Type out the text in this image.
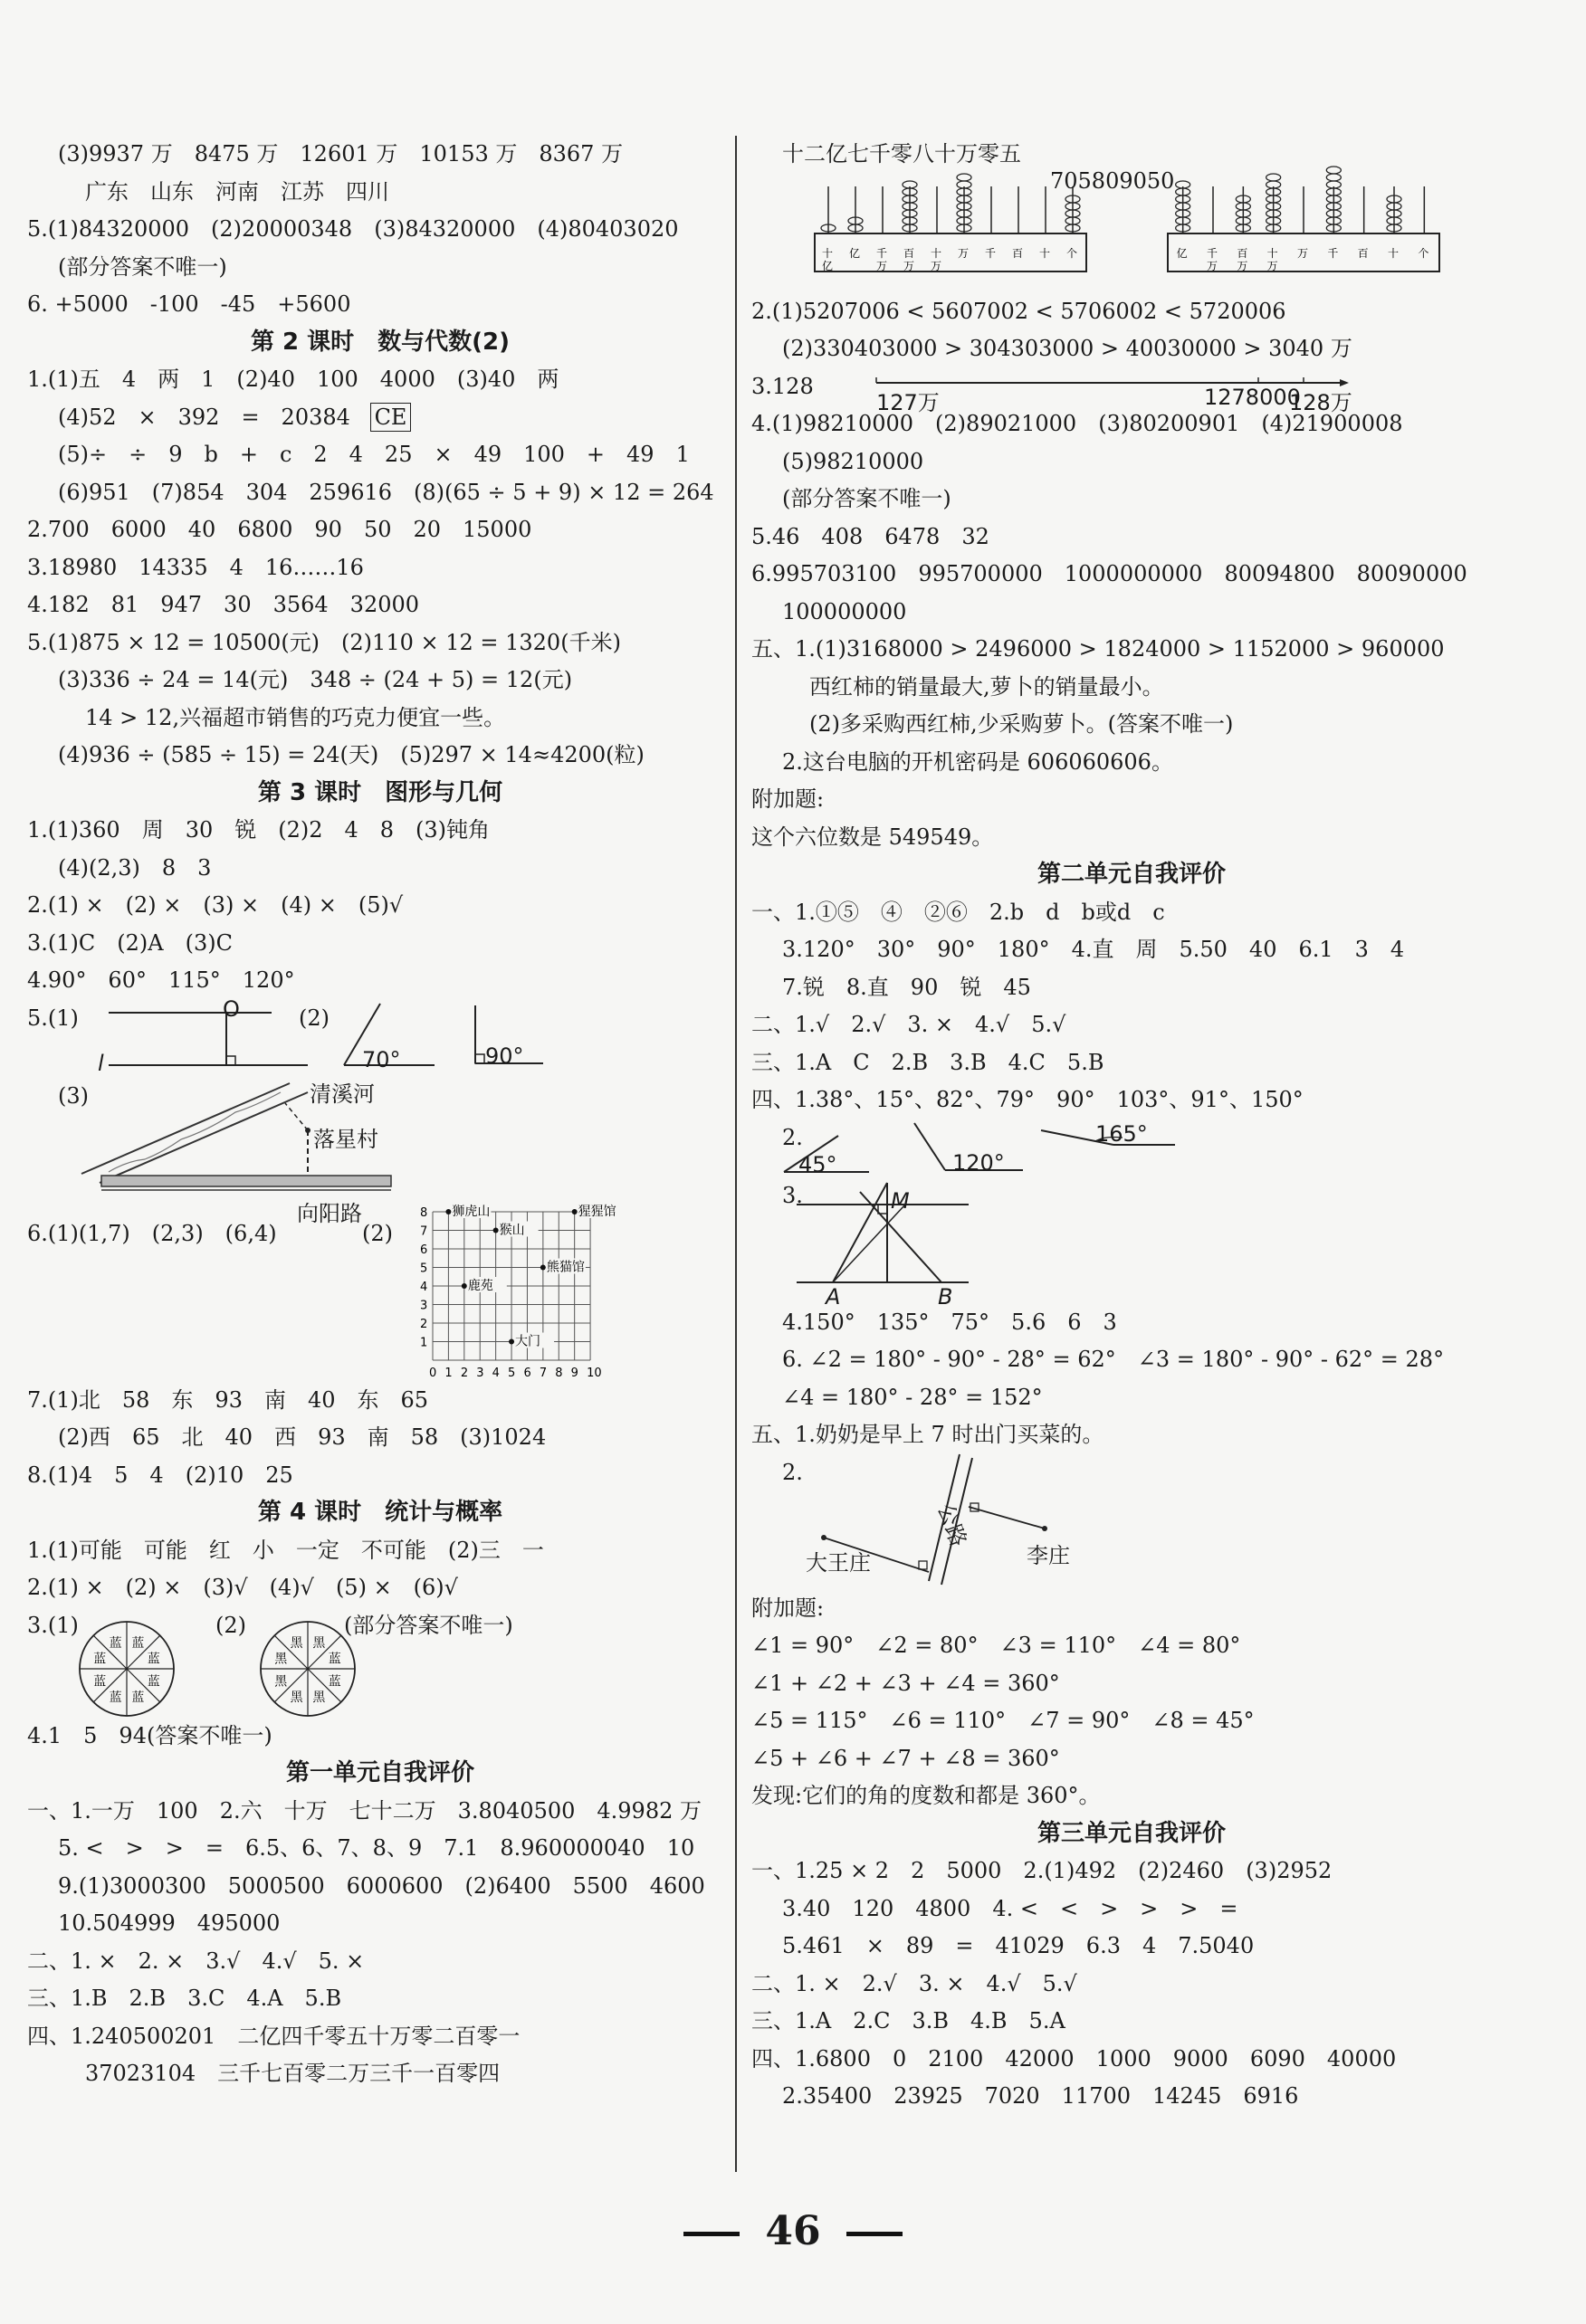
(3)9937 万　8475 万　12601 万　10153 万　8367 万
广东　山东　河南　江苏　四川
5.(1)84320000　(2)20000348　(3)84320000　(4)80403020
(部分答案不唯一)
6. +5000　-100　-45　+5600
第 2 课时　数与代数(2)
1.(1)五　4　两　1　(2)40　100　4000　(3)40　两
(4)52　×　392　=　20384 CE
(5)÷　÷　9　b　+　c　2　4　25　×　49　100　+　49　1
(6)951　(7)854　304　259616　(8)(65 ÷ 5 + 9) × 12 = 264
2.700　6000　40　6800　90　50　20　15000
3.18980　14335　4　16……16
4.182　81　947　30　3564　32000
5.(1)875 × 12 = 10500(元)　(2)110 × 12 = 1320(千米)
(3)336 ÷ 24 = 14(元)　348 ÷ (24 + 5) = 12(元)
14 > 12,兴福超市销售的巧克力便宜一些。
(4)936 ÷ (585 ÷ 15) = 24(天)　(5)297 × 14≈4200(粒)
第 3 课时　图形与几何
1.(1)360　周　30　锐　(2)2　4　8　(3)钝角
(4)(2,3)　8　3
2.(1) ×　(2) ×　(3) ×　(4) ×　(5)√
3.(1)C　(2)A　(3)C
4.90°　60°　115°　120°
5.(1)	(2)
O
l	70°	90°
(3)	清溪河
落星村
向阳路
6.(1)(1,7)　(2,3)　(6,4)	(2)
8
7
6
5
4
3
2
1
0 1 2 3 4 5 6 7 8 9 10
狮虎山
猴山
猩猩馆
熊猫馆
鹿苑
大门
7.(1)北　58　东　93　南　40　东　65
(2)西　65　北　40　西　93　南　58　(3)1024
8.(1)4　5　4　(2)10　25
第 4 课时　统计与概率
1.(1)可能　可能　红　小　一定　不可能　(2)三　一
2.(1) ×　(2) ×　(3)√　(4)√　(5) ×　(6)√
3.(1)	(2)	(部分答案不唯一)
蓝
蓝
蓝
蓝
蓝
蓝 蓝
蓝
蓝
黑
黑
黑
黑
黑 黑
蓝
4.1　5　94(答案不唯一)
第一单元自我评价
一、1.一万　100　2.六　十万　七十二万　3.8040500　4.9982 万
5. <　>　>　=　6.5、6、7、8、9　7.1　8.960000040　10
9.(1)3000300　5000500　6000600　(2)6400　5500　4600
10.504999　495000
二、1. ×　2. ×　3.√　4.√　5. ×
三、1.B　2.B　3.C　4.A　5.B
四、1.240500201　二亿四千零五十万零二百零一
37023104　三千七百零二万三千一百零四
十二亿七千零八十万零五
705809050
十
亿
亿 千
万
百
万
十
万
万 千 百 十 个	亿 千
万
百
万
十
万
万 千 百 十 个
2.(1)5207006 < 5607002 < 5706002 < 5720006
(2)330403000 > 304303000 > 40030000 > 3040 万
3.128
127万	1278000
128万
4.(1)98210000　(2)89021000　(3)80200901　(4)21900008
(5)98210000
(部分答案不唯一)
5.46　408　6478　32
6.995703100　995700000　1000000000　80094800　80090000
100000000
五、1.(1)3168000 > 2496000 > 1824000 > 1152000 > 960000
西红柿的销量最大,萝卜的销量最小。
(2)多采购西红柿,少采购萝卜。(答案不唯一)
2.这台电脑的开机密码是 606060606。
附加题:
这个六位数是 549549。
第二单元自我评价
一、1.①⑤　④　②⑥　2.b　d　b或d　c
3.120°　30°　90°　180°　4.直　周　5.50　40　6.1　3　4
7.锐　8.直　90　锐　45
二、1.√　2.√　3. ×　4.√　5.√
三、1.A　C　2.B　3.B　4.C　5.B
四、1.38°、15°、82°、79°　90°　103°、91°、150°
2.
45°	120°
165°
3.	M
A	B
4.150°　135°　75°　5.6　6　3
6. ∠2 = 180° - 90° - 28° = 62°　∠3 = 180° - 90° - 62° = 28°
∠4 = 180° - 28° = 152°
五、1.奶奶是早上 7 时出门买菜的。
2.
大王庄	李庄
公路
附加题:
∠1 = 90°　∠2 = 80°　∠3 = 110°　∠4 = 80°
∠1 + ∠2 + ∠3 + ∠4 = 360°
∠5 = 115°　∠6 = 110°　∠7 = 90°　∠8 = 45°
∠5 + ∠6 + ∠7 + ∠8 = 360°
发现:它们的角的度数和都是 360°。
第三单元自我评价
一、1.25 × 2　2　5000　2.(1)492　(2)2460　(3)2952
3.40　120　4800　4. <　<　>　>　>　=
5.461　×　89　=　41029　6.3　4　7.5040
二、1. ×　2.√　3. ×　4.√　5.√
三、1.A　2.C　3.B　4.B　5.A
四、1.6800　0　2100　42000　1000　9000　6090　40000
2.35400　23925　7020　11700　14245　6916
46
